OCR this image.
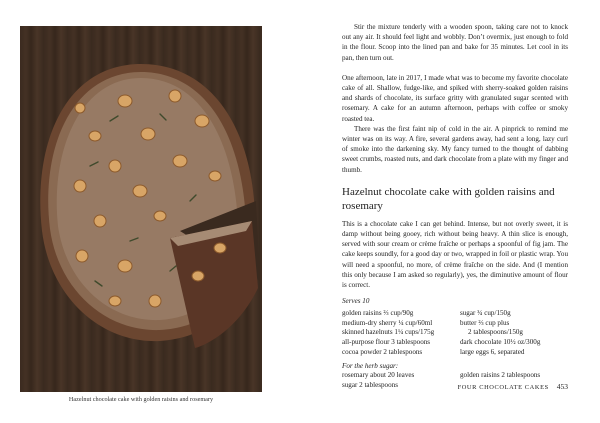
Hazelnut chocolate cake with golden raisins and rosemary

Stir the mixture tenderly with a wooden spoon, taking care not to knock out any air. It should feel light and wobbly. Don’t overmix, just enough to fold in the flour. Scoop into the lined pan and bake for 35 minutes. Let cool in its pan, then turn out.

One afternoon, late in 2017, I made what was to become my favorite chocolate cake of all. Shallow, fudge-like, and spiked with sherry-soaked golden raisins and shards of chocolate, its surface gritty with granulated sugar scented with rosemary. A cake for an autumn afternoon, perhaps with coffee or smoky roasted tea.

There was the first faint nip of cold in the air. A pinprick to remind me winter was on its way. A fire, several gardens away, had sent a long, lazy curl of smoke into the darkening sky. My fancy turned to the thought of dabbing sweet crumbs, roasted nuts, and dark chocolate from a plate with my finger and thumb.

Hazelnut chocolate cake with golden raisins and rosemary

This is a chocolate cake I can get behind. Intense, but not overly sweet, it is damp without being gooey, rich without being heavy. A thin slice is enough, served with sour cream or crème fraîche or perhaps a spoonful of fig jam. The cake keeps soundly, for a good day or two, wrapped in foil or plastic wrap. You will need a spoonful, no more, of crème fraîche on the side. And (I mention this only because I am asked so regularly), yes, the diminutive amount of flour is correct.

Serves 10

golden raisins ⅔ cup/90g
medium-dry sherry ¼ cup/60ml
skinned hazelnuts 1¼ cups/175g
all-purpose flour 3 tablespoons
cocoa powder 2 tablespoons
sugar ¾ cup/150g
butter ⅔ cup plus
2 tablespoons/150g
dark chocolate 10½ oz/300g
large eggs 6, separated

For the herb sugar:

rosemary about 20 leaves
sugar 2 tablespoons
golden raisins 2 tablespoons
FOUR CHOCOLATE CAKES 453
